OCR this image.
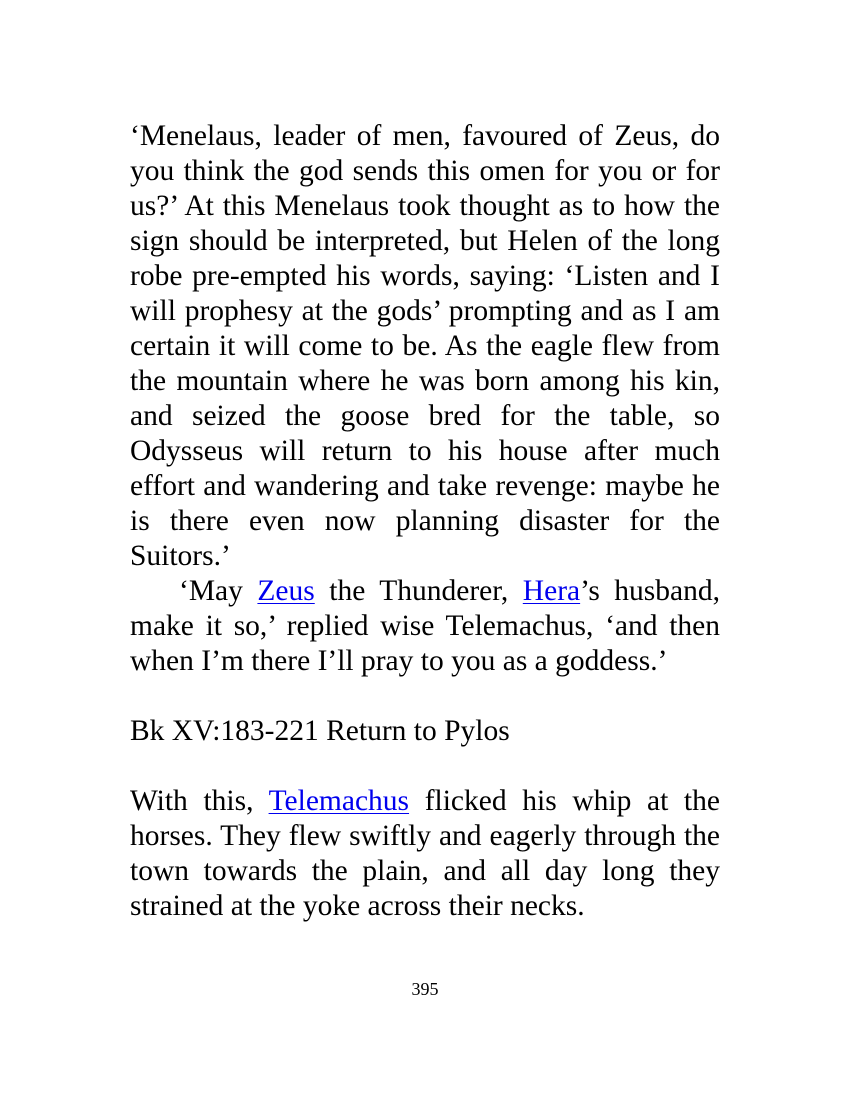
‘Menelaus, leader of men, favoured of Zeus, do you think the god sends this omen for you or for us?’ At this Menelaus took thought as to how the sign should be interpreted, but Helen of the long robe pre-empted his words, saying: ‘Listen and I will prophesy at the gods’ prompting and as I am certain it will come to be. As the eagle flew from the mountain where he was born among his kin, and seized the goose bred for the table, so Odysseus will return to his house after much effort and wandering and take revenge: maybe he is there even now planning disaster for the Suitors.’

‘May Zeus the Thunderer, Hera’s husband, make it so,’ replied wise Telemachus, ‘and then when I’m there I’ll pray to you as a goddess.’

Bk XV:183-221 Return to Pylos

With this, Telemachus flicked his whip at the horses. They flew swiftly and eagerly through the town towards the plain, and all day long they strained at the yoke across their necks.

395
